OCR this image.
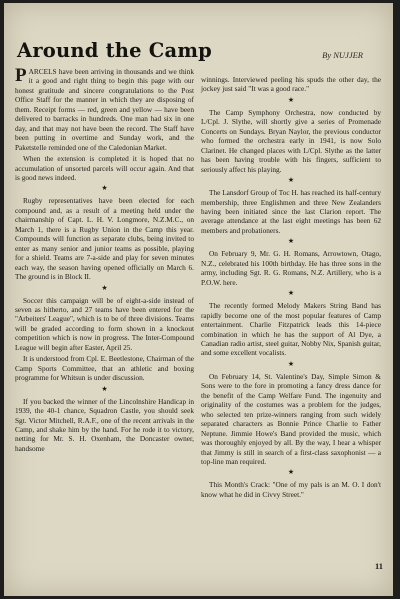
Around the Camp	By NUJJER

PARCELS have been arriving in thousands and we think it a good and right thing to begin this page with our honest gratitude and sincere congratulations to the Post Office Staff for the manner in which they are disposing of them. Receipt forms — red, green and yellow — have been delivered to barracks in hundreds. One man had six in one day, and that may not have been the record. The Staff have been putting in overtime and Sunday work, and the Paketstelle reminded one of the Caledonian Market.

When the extension is completed it is hoped that no accumulation of unsorted parcels will occur again. And that is good news indeed.

★

Rugby representatives have been elected for each compound and, as a result of a meeting held under the chairmanship of Capt. L. H. V. Longmore, N.Z.M.C., on March 1, there is a Rugby Union in the Camp this year. Compounds will function as separate clubs, being invited to enter as many senior and junior teams as possible, playing for a shield. Teams are 7-a-side and play for seven minutes each way, the season having opened officially on March 6. The ground is in Block II.

★

Soccer this campaign will be of eight-a-side instead of seven as hitherto, and 27 teams have been entered for the "Arbeiters' League", which is to be of three divisions. Teams will be graded according to form shown in a knockout competition which is now in progress. The Inter-Compound League will begin after Easter, April 25.

It is understood from Cpl. E. Beetlestone, Chairman of the Camp Sports Committee, that an athletic and boxing programme for Whitsun is under discussion.

★

If you backed the winner of the Lincolnshire Handicap in 1939, the 40-1 chance, Squadron Castle, you should seek Sgt. Victor Mitchell, R.A.F., one of the recent arrivals in the Camp, and shake him by the hand. For he rode it to victory, netting for Mr. S. H. Oxenham, the Doncaster owner, handsome

winnings. Interviewed peeling his spuds the other day, the jockey just said "It was a good race."

★

The Camp Symphony Orchestra, now conducted by L/Cpl. J. Slythe, will shortly give a series of Promenade Concerts on Sundays. Bryan Naylor, the previous conductor who formed the orchestra early in 1941, is now Solo Clarinet. He changed places with L/Cpl. Slythe as the latter has been having trouble with his fingers, sufficient to seriously affect his playing.

★

The Lansdorf Group of Toc H. has reached its half-century membership, three Englishmen and three New Zealanders having been initiated since the last Clarion report. The average attendance at the last eight meetings has been 62 members and probationers.

★

On February 9, Mr. G. H. Romans, Arrowtown, Otago, N.Z., celebrated his 100th birthday. He has three sons in the army, including Sgt. R. G. Romans, N.Z. Artillery, who is a P.O.W. here.

★

The recently formed Melody Makers String Band has rapidly become one of the most popular features of Camp entertainment. Charlie Fitzpatrick leads this 14-piece combination in which he has the support of Al Dye, a Canadian radio artist, steel guitar, Nobby Nix, Spanish guitar, and some excellent vocalists.

★

On February 14, St. Valentine's Day, Simple Simon & Sons were to the fore in promoting a fancy dress dance for the benefit of the Camp Welfare Fund. The ingenuity and originality of the costumes was a problem for the judges, who selected ten prize-winners ranging from such widely separated characters as Bonnie Prince Charlie to Father Neptune. Jimmie Howe's Band provided the music, which was thoroughly enjoyed by all. By the way, I hear a whisper that Jimmy is still in search of a first-class saxophonist — a top-line man required.

★

This Month's Crack: "One of my pals is an M. O. I don't know what he did in Civvy Street."

11
